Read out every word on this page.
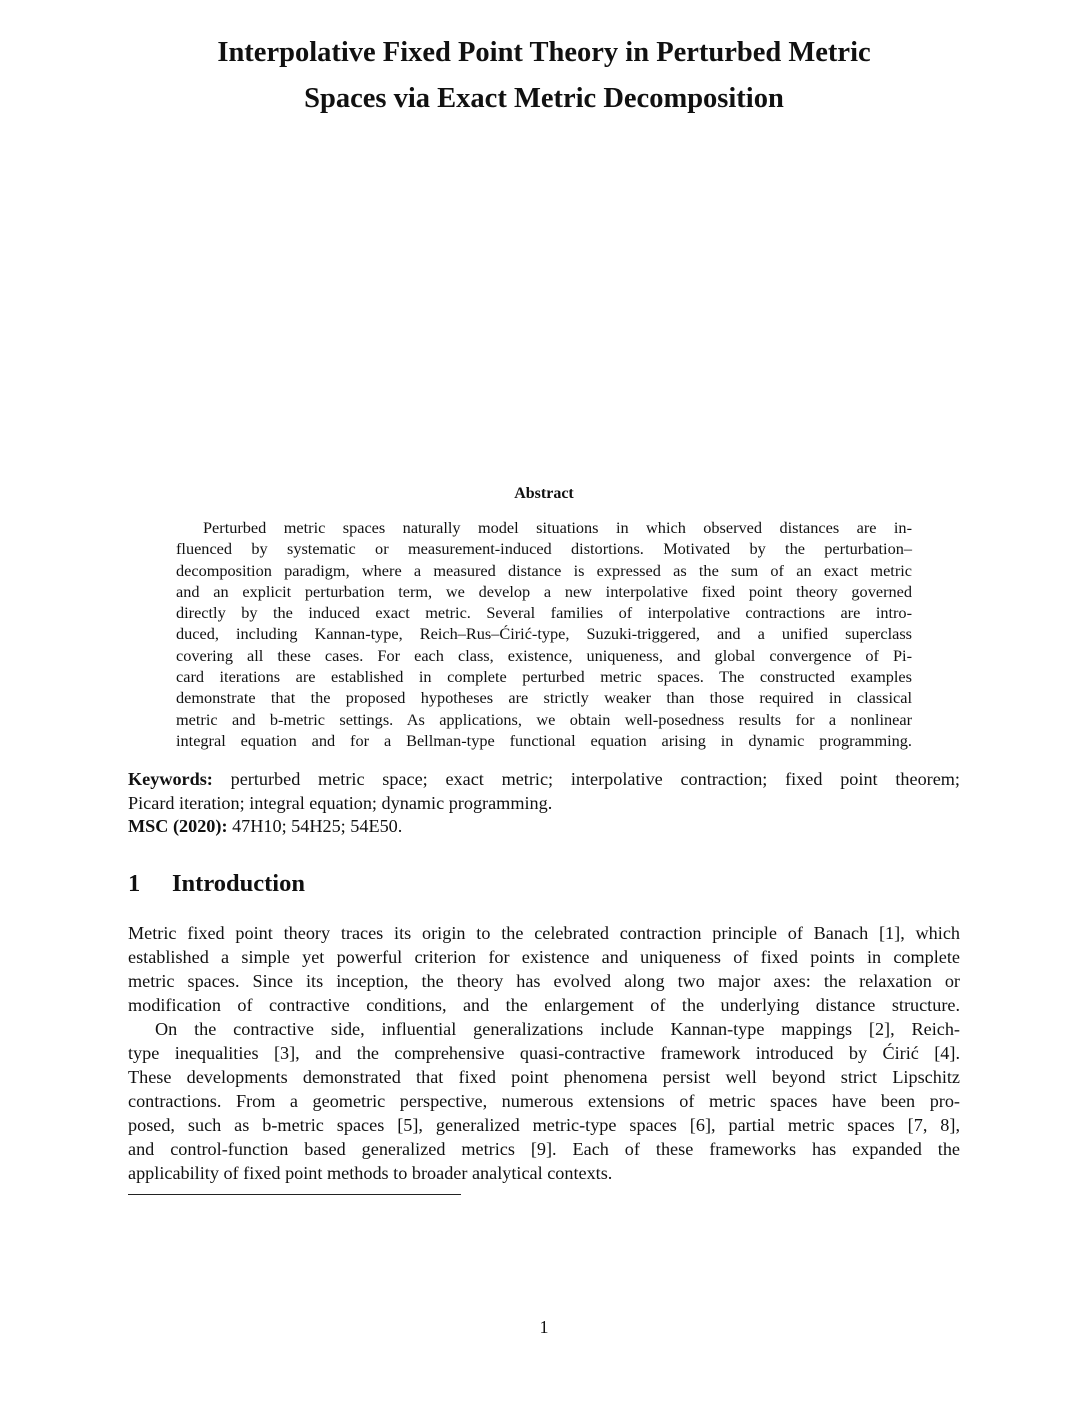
Interpolative Fixed Point Theory in Perturbed Metric
Spaces via Exact Metric Decomposition
Abstract
Perturbed metric spaces naturally model situations in which observed distances are in-
fluenced by systematic or measurement-induced distortions. Motivated by the perturbation–
decomposition paradigm, where a measured distance is expressed as the sum of an exact metric
and an explicit perturbation term, we develop a new interpolative fixed point theory governed
directly by the induced exact metric. Several families of interpolative contractions are intro-
duced, including Kannan-type, Reich–Rus–Ćirić-type, Suzuki-triggered, and a unified superclass
covering all these cases. For each class, existence, uniqueness, and global convergence of Pi-
card iterations are established in complete perturbed metric spaces. The constructed examples
demonstrate that the proposed hypotheses are strictly weaker than those required in classical
metric and b-metric settings. As applications, we obtain well-posedness results for a nonlinear
integral equation and for a Bellman-type functional equation arising in dynamic programming.
Keywords: perturbed metric space; exact metric; interpolative contraction; fixed point theorem;
Picard iteration; integral equation; dynamic programming.
MSC (2020): 47H10; 54H25; 54E50.
1 Introduction
Metric fixed point theory traces its origin to the celebrated contraction principle of Banach [1], which
established a simple yet powerful criterion for existence and uniqueness of fixed points in complete
metric spaces. Since its inception, the theory has evolved along two major axes: the relaxation or
modification of contractive conditions, and the enlargement of the underlying distance structure.
On the contractive side, influential generalizations include Kannan-type mappings [2], Reich-
type inequalities [3], and the comprehensive quasi-contractive framework introduced by Ćirić [4].
These developments demonstrated that fixed point phenomena persist well beyond strict Lipschitz
contractions. From a geometric perspective, numerous extensions of metric spaces have been pro-
posed, such as b-metric spaces [5], generalized metric-type spaces [6], partial metric spaces [7, 8],
and control-function based generalized metrics [9]. Each of these frameworks has expanded the
applicability of fixed point methods to broader analytical contexts.
1
